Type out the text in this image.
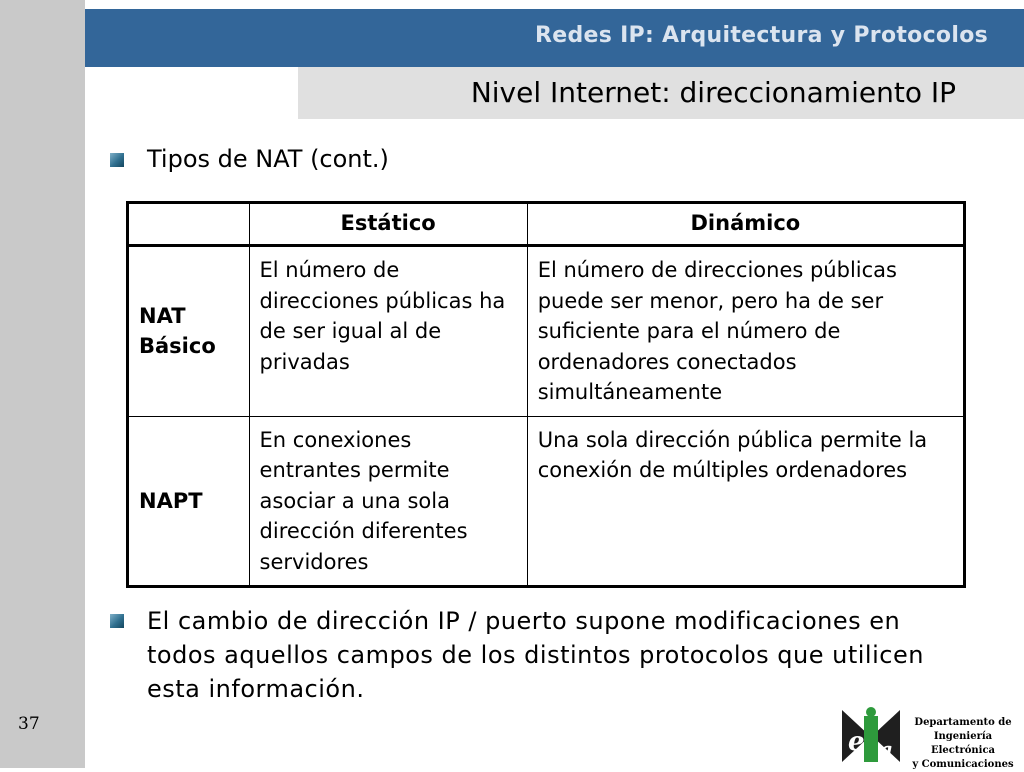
Redes IP: Arquitectura y Protocolos
Nivel Internet: direccionamiento IP
Tipos de NAT (cont.)
	Estático	Dinámico
NAT Básico	El número de direcciones públicas ha de ser igual al de privadas	El número de direcciones públicas puede ser menor, pero ha de ser suficiente para el número de ordenadores conectados simultáneamente
NAPT	En conexiones entrantes permite asociar a una sola dirección diferentes servidores	Una sola dirección pública permite la conexión de múltiples ordenadores
El cambio de dirección IP / puerto supone modificaciones en todos aquellos campos de los distintos protocolos que utilicen esta información.
37
e a
Departamento de
Ingeniería Electrónica
y Comunicaciones
